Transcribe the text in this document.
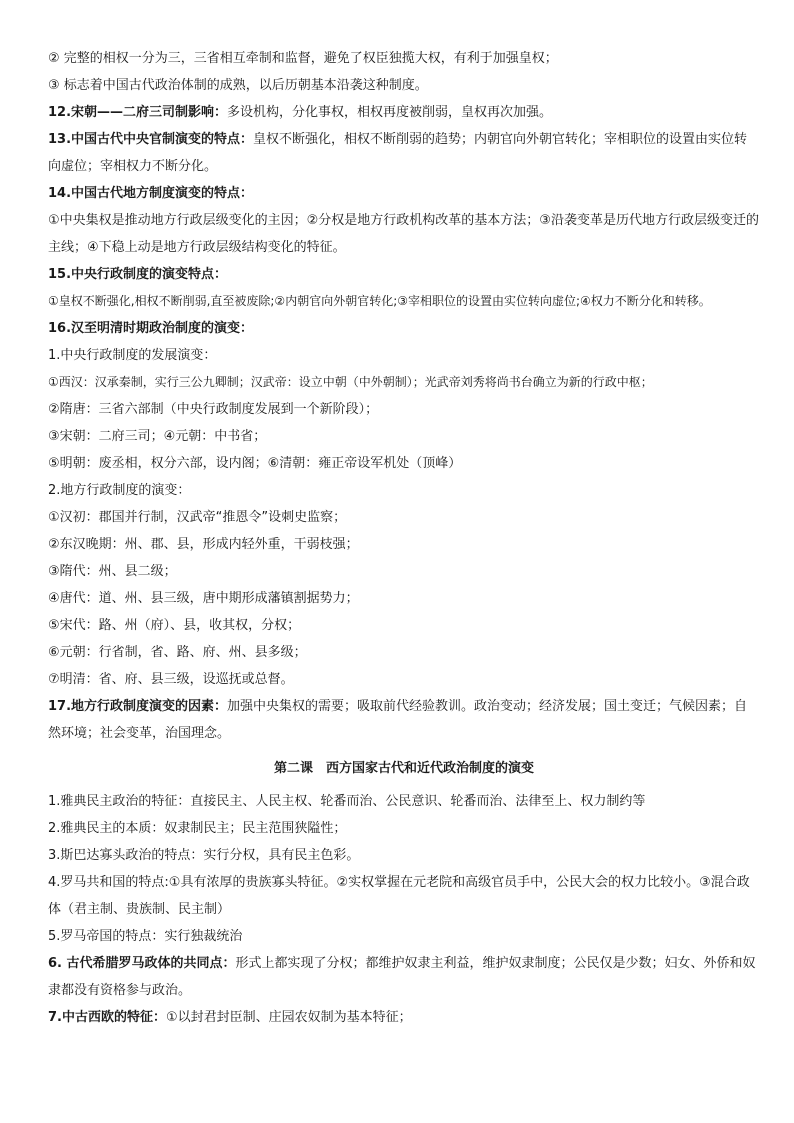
② 完整的相权一分为三，三省相互牵制和监督，避免了权臣独揽大权，有利于加强皇权；
③ 标志着中国古代政治体制的成熟，以后历朝基本沿袭这种制度。
12.宋朝——二府三司制影响：多设机构，分化事权，相权再度被削弱，皇权再次加强。
13.中国古代中央官制演变的特点：皇权不断强化，相权不断削弱的趋势；内朝官向外朝官转化；宰相职位的设置由实位转向虚位；宰相权力不断分化。
14.中国古代地方制度演变的特点：
①中央集权是推动地方行政层级变化的主因；②分权是地方行政机构改革的基本方法；③沿袭变革是历代地方行政层级变迁的主线；④下稳上动是地方行政层级结构变化的特征。
15.中央行政制度的演变特点：
①皇权不断强化,相权不断削弱,直至被废除;②内朝官向外朝官转化;③宰相职位的设置由实位转向虚位;④权力不断分化和转移。
16.汉至明清时期政治制度的演变：
1.中央行政制度的发展演变：
①西汉：汉承秦制，实行三公九卿制；汉武帝：设立中朝（中外朝制）；光武帝刘秀将尚书台确立为新的行政中枢；
②隋唐：三省六部制（中央行政制度发展到一个新阶段）；
③宋朝：二府三司；④元朝：中书省；
⑤明朝：废丞相，权分六部，设内阁；⑥清朝：雍正帝设军机处（顶峰）
2.地方行政制度的演变：
①汉初：郡国并行制，汉武帝“推恩令”设刺史监察；
②东汉晚期：州、郡、县，形成内轻外重，干弱枝强；
③隋代：州、县二级；
④唐代：道、州、县三级，唐中期形成藩镇割据势力；
⑤宋代：路、州（府）、县，收其权，分权；
⑥元朝：行省制，省、路、府、州、县多级；
⑦明清：省、府、县三级，设巡抚或总督。
17.地方行政制度演变的因素：加强中央集权的需要；吸取前代经验教训。政治变动；经济发展；国土变迁；气候因素；自然环境；社会变革，治国理念。
第二课　西方国家古代和近代政治制度的演变
1.雅典民主政治的特征：直接民主、人民主权、轮番而治、公民意识、轮番而治、法律至上、权力制约等
2.雅典民主的本质：奴隶制民主；民主范围狭隘性；
3.斯巴达寡头政治的特点：实行分权，具有民主色彩。
4.罗马共和国的特点:①具有浓厚的贵族寡头特征。②实权掌握在元老院和高级官员手中，公民大会的权力比较小。③混合政体（君主制、贵族制、民主制）
5.罗马帝国的特点：实行独裁统治
6. 古代希腊罗马政体的共同点：形式上都实现了分权；都维护奴隶主利益，维护奴隶制度；公民仅是少数；妇女、外侨和奴隶都没有资格参与政治。
7.中古西欧的特征：①以封君封臣制、庄园农奴制为基本特征；
